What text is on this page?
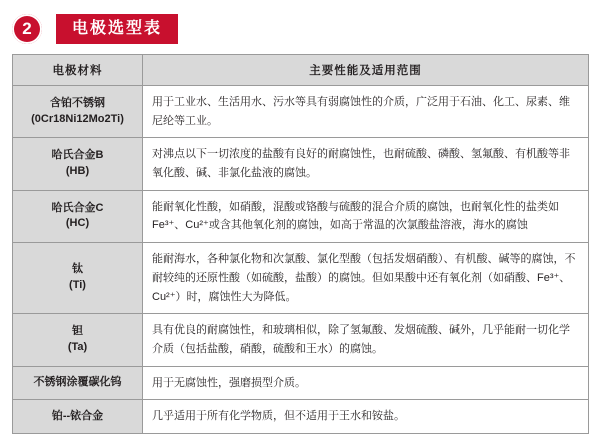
2	电极选型表
电极材料	主要性能及适用范围

含铂不锈钢
(0Cr18Ni12Mo2Ti)	用于工业水、生活用水、污水等具有弱腐蚀性的介质，广泛用于石油、化工、尿素、维尼纶等工业。

哈氏合金B
(HB)	对沸点以下一切浓度的盐酸有良好的耐腐蚀性，也耐硫酸、磷酸、氢氟酸、有机酸等非氧化酸、碱、非氯化盐液的腐蚀。

哈氏合金C
(HC)	能耐氧化性酸，如硝酸，混酸或铬酸与硫酸的混合介质的腐蚀，也耐氧化性的盐类如Fe³⁺、Cu²⁺或含其他氧化剂的腐蚀，如高于常温的次氯酸盐溶液，海水的腐蚀

钛
(Ti)	能耐海水，各种氯化物和次氯酸、氯化型酸（包括发烟硝酸）、有机酸、碱等的腐蚀，不耐较纯的还原性酸（如硫酸，盐酸）的腐蚀。但如果酸中还有氧化剂（如硝酸、Fe³⁺、Cu²⁺）时，腐蚀性大为降低。

钽
(Ta)	具有优良的耐腐蚀性，和玻璃相似，除了氢氟酸、发烟硫酸、碱外，几乎能耐一切化学介质（包括盐酸，硝酸，硫酸和王水）的腐蚀。

不锈钢涂覆碳化钨	用于无腐蚀性，强磨损型介质。

铂--铱合金	几乎适用于所有化学物质，但不适用于王水和铵盐。
